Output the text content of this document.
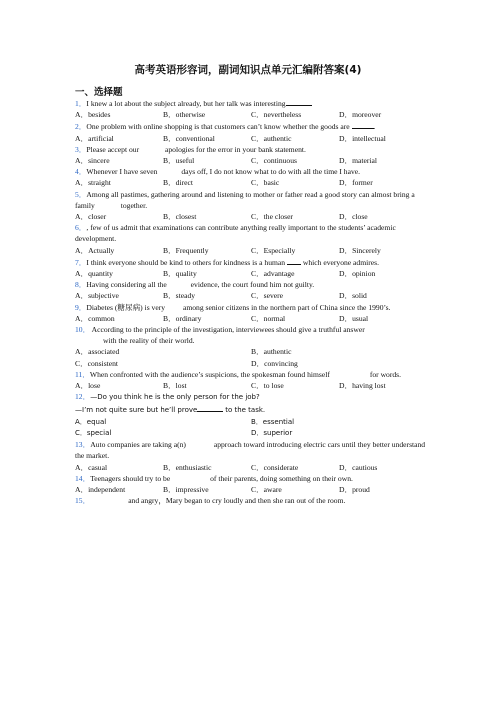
高考英语形容词，副词知识点单元汇编附答案(4)
一、选择题

1．I knew a lot about the subject already, but her talk was interesting

A．besides	B．otherwise	C．nevertheless	D．moreover

2．One problem with online shopping is that customers can’t know whether the goods are	.

A．artificial	B．conventional	C．authentic	D．intellectual

3．Please accept our	apologies for the error in your bank statement.

A．sincere	B．useful	C．continuous	D．material

4．Whenever I have seven	days off, I do not know what to do with all the time I have.

A．straight	B．direct	C．basic	D．former

5．Among all pastimes, gathering around and listening to mother or father read a good story can almost bring a family	together.

A．closer	B．closest	C．the closer	D．close

6．, few of us admit that examinations can contribute anything really important to the students’ academic development.

A．Actually	B．Frequently	C．Especially	D．Sincerely

7．I think everyone should be kind to others for kindness is a human which everyone admires.

A．quantity	B．quality	C．advantage	D．opinion

8．Having considering all the	evidence, the court found him not guilty.

A．subjective	B．steady	C．severe	D．solid

9．Diabetes (糖尿病) is very among senior citizens in the northern part of China since the 1990’s.

A．common	B．ordinary	C．normal	D．usual

10． According to the principle of the investigation, interviewees should give a truthful answer
with the reality of their world.

A．associated	B．authentic
C．consistent	D．convincing

11．When confronted with the audience’s suspicions, the spokesman found himself	for words.

A．lose	B．lost	C．to lose	D．having lost

12．—Do you think he is the only person for the job?
—I’m not quite sure but he’ll prove	to the task.

A．equal	B．essential
C．special	D．superior

13．Auto companies are taking a(n)	approach toward introducing electric cars until they better understand the market.

A．casual	B．enthusiastic	C．considerate	D．cautious

14．Teenagers should try to be	of their parents, doing something on their own.

A．independent	B．impressive	C．aware	D．proud

15．	and angry，Mary began to cry loudly and then she ran out of the room.
